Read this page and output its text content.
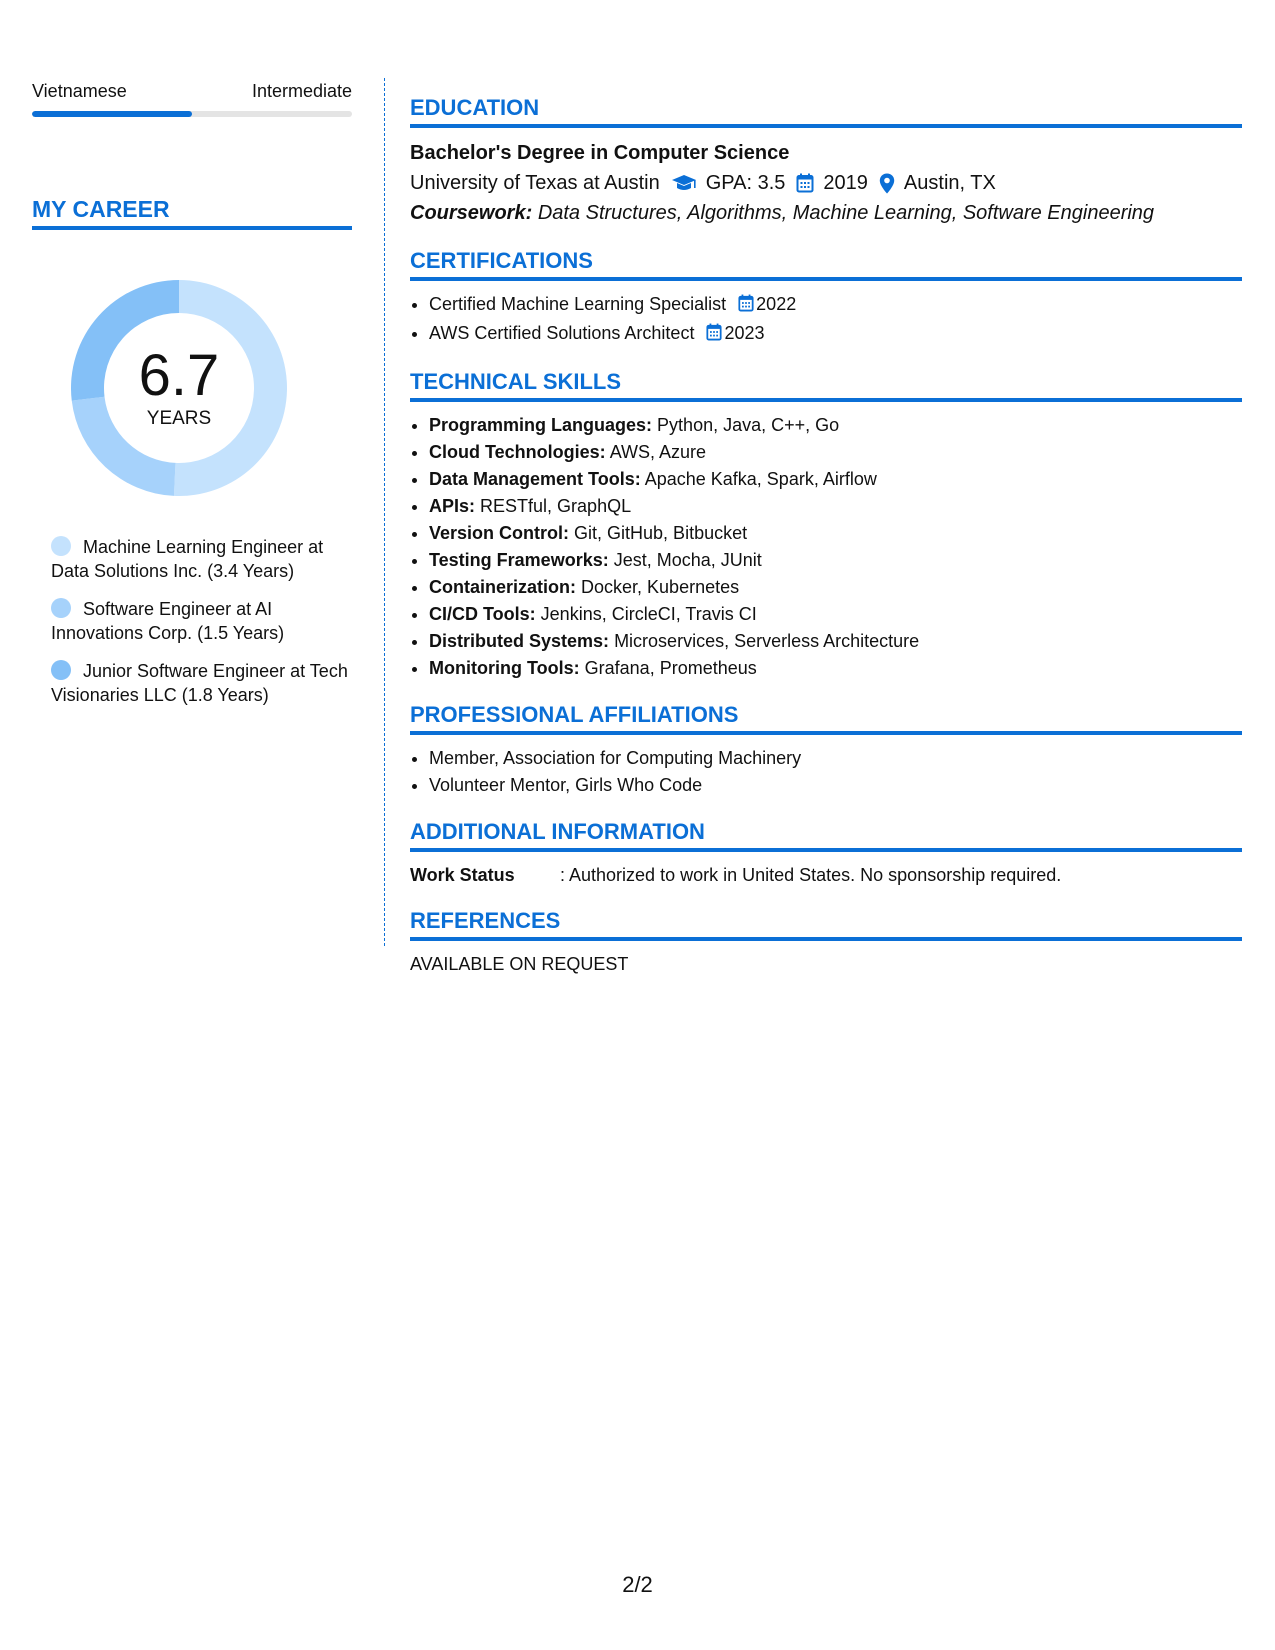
Vietnamese	Intermediate
MY CAREER
6.7
YEARS
Machine Learning Engineer at Data Solutions Inc. (3.4 Years)
Software Engineer at AI Innovations Corp. (1.5 Years)
Junior Software Engineer at Tech Visionaries LLC (1.8 Years)
EDUCATION
Bachelor's Degree in Computer Science
University of Texas at Austin GPA: 3.5 2019 Austin, TX
Coursework: Data Structures, Algorithms, Machine Learning, Software Engineering
CERTIFICATIONS
• Certified Machine Learning Specialist 2022
• AWS Certified Solutions Architect 2023
TECHNICAL SKILLS
• Programming Languages: Python, Java, C++, Go
• Cloud Technologies: AWS, Azure
• Data Management Tools: Apache Kafka, Spark, Airflow
• APIs: RESTful, GraphQL
• Version Control: Git, GitHub, Bitbucket
• Testing Frameworks: Jest, Mocha, JUnit
• Containerization: Docker, Kubernetes
• CI/CD Tools: Jenkins, CircleCI, Travis CI
• Distributed Systems: Microservices, Serverless Architecture
• Monitoring Tools: Grafana, Prometheus
PROFESSIONAL AFFILIATIONS
• Member, Association for Computing Machinery
• Volunteer Mentor, Girls Who Code
ADDITIONAL INFORMATION
Work Status	: Authorized to work in United States. No sponsorship required.
REFERENCES
AVAILABLE ON REQUEST
2/2
